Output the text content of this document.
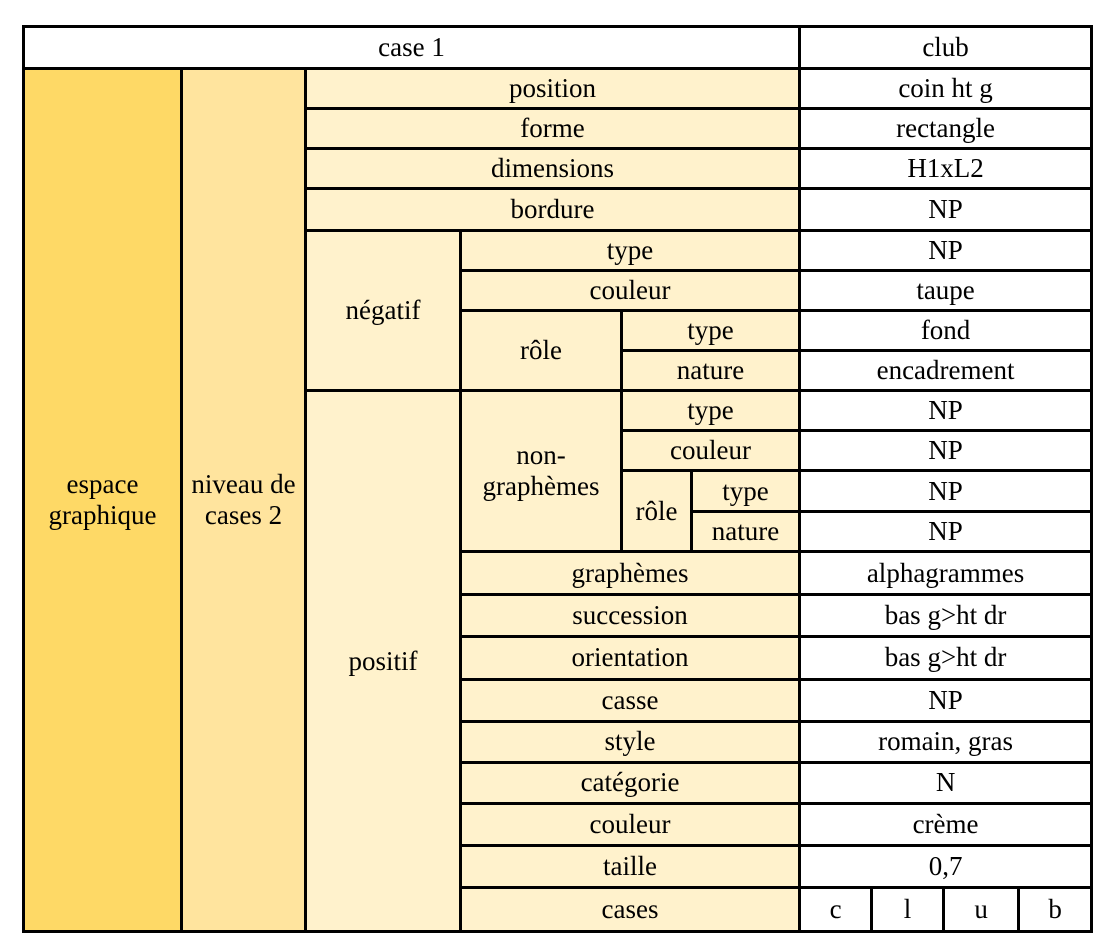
case 1						club			
espace graphique	niveau de cases 2	position				coin ht g			
		forme				rectangle			
		dimensions				H1xL2			
		bordure				NP			
		négatif	type			NP			
			couleur			taupe			
			rôle	type		fond			
				nature		encadrement			
		positif	non-graphèmes	type		NP			
				couleur		NP			
				rôle	type	NP			
					nature	NP			
			graphèmes			alphagrammes			
			succession			bas g>ht dr			
			orientation			bas g>ht dr			
			casse			NP			
			style			romain, gras			
			catégorie			N			
			couleur			crème			
			taille			0,7			
			cases			c	l	u	b
